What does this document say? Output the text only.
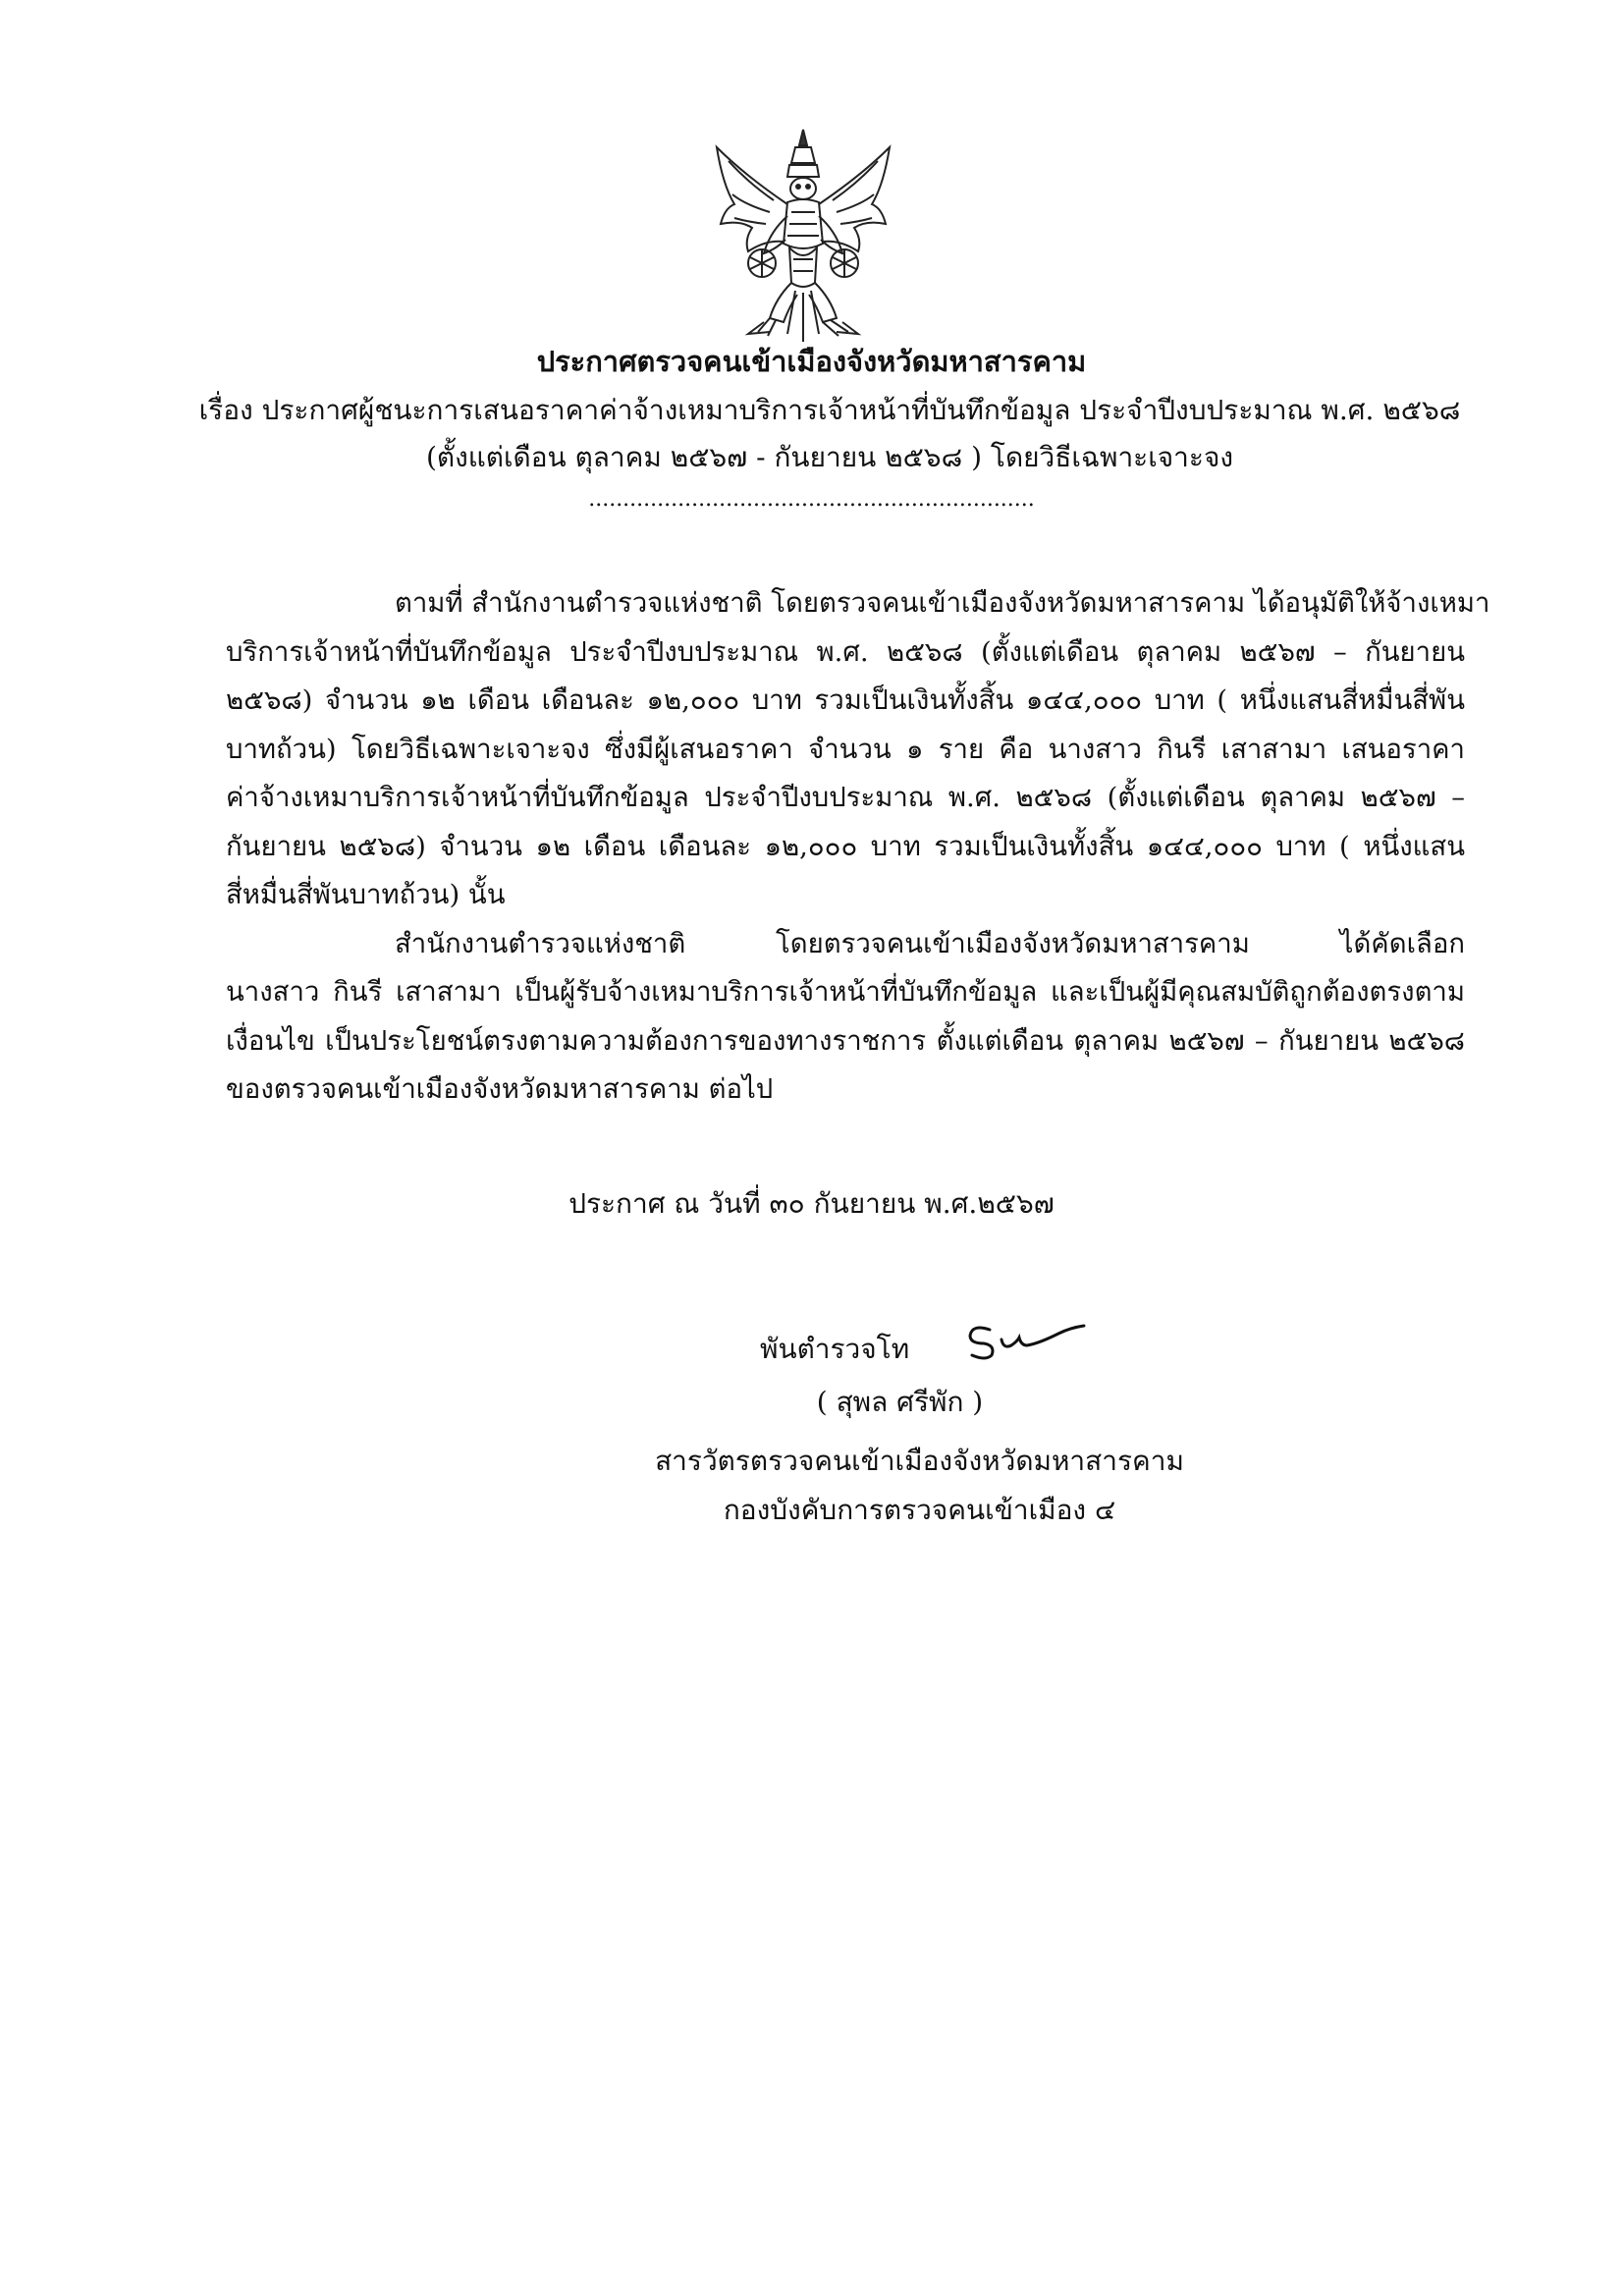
ประกาศตรวจคนเข้าเมืองจังหวัดมหาสารคาม
เรื่อง ประกาศผู้ชนะการเสนอราคาค่าจ้างเหมาบริการเจ้าหน้าที่บันทึกข้อมูล ประจำปีงบประมาณ พ.ศ. ๒๕๖๘
(ตั้งแต่เดือน ตุลาคม ๒๕๖๗ - กันยายน ๒๕๖๘ ) โดยวิธีเฉพาะเจาะจง
.................................................................
ตามที่ สำนักงานตำรวจแห่งชาติ โดยตรวจคนเข้าเมืองจังหวัดมหาสารคาม ได้อนุมัติให้จ้างเหมา
บริการเจ้าหน้าที่บันทึกข้อมูล ประจำปีงบประมาณ พ.ศ. ๒๕๖๘ (ตั้งแต่เดือน ตุลาคม ๒๕๖๗ – กันยายน
๒๕๖๘) จำนวน ๑๒ เดือน เดือนละ ๑๒,๐๐๐ บาท รวมเป็นเงินทั้งสิ้น ๑๔๔,๐๐๐ บาท ( หนึ่งแสนสี่หมื่นสี่พัน
บาทถ้วน) โดยวิธีเฉพาะเจาะจง ซึ่งมีผู้เสนอราคา จำนวน ๑ ราย คือ นางสาว กินรี เสาสามา เสนอราคา
ค่าจ้างเหมาบริการเจ้าหน้าที่บันทึกข้อมูล ประจำปีงบประมาณ พ.ศ. ๒๕๖๘ (ตั้งแต่เดือน ตุลาคม ๒๕๖๗ –
กันยายน ๒๕๖๘) จำนวน ๑๒ เดือน เดือนละ ๑๒,๐๐๐ บาท รวมเป็นเงินทั้งสิ้น ๑๔๔,๐๐๐ บาท ( หนึ่งแสน
สี่หมื่นสี่พันบาทถ้วน) นั้น
สำนักงานตำรวจแห่งชาติ โดยตรวจคนเข้าเมืองจังหวัดมหาสารคาม ได้คัดเลือก
นางสาว กินรี เสาสามา เป็นผู้รับจ้างเหมาบริการเจ้าหน้าที่บันทึกข้อมูล และเป็นผู้มีคุณสมบัติถูกต้องตรงตาม
เงื่อนไข เป็นประโยชน์ตรงตามความต้องการของทางราชการ ตั้งแต่เดือน ตุลาคม ๒๕๖๗ – กันยายน ๒๕๖๘
ของตรวจคนเข้าเมืองจังหวัดมหาสารคาม ต่อไป
ประกาศ ณ วันที่ ๓๐ กันยายน พ.ศ.๒๕๖๗
พันตำรวจโท
( สุพล ศรีพัก )
สารวัตรตรวจคนเข้าเมืองจังหวัดมหาสารคาม
กองบังคับการตรวจคนเข้าเมือง ๔
